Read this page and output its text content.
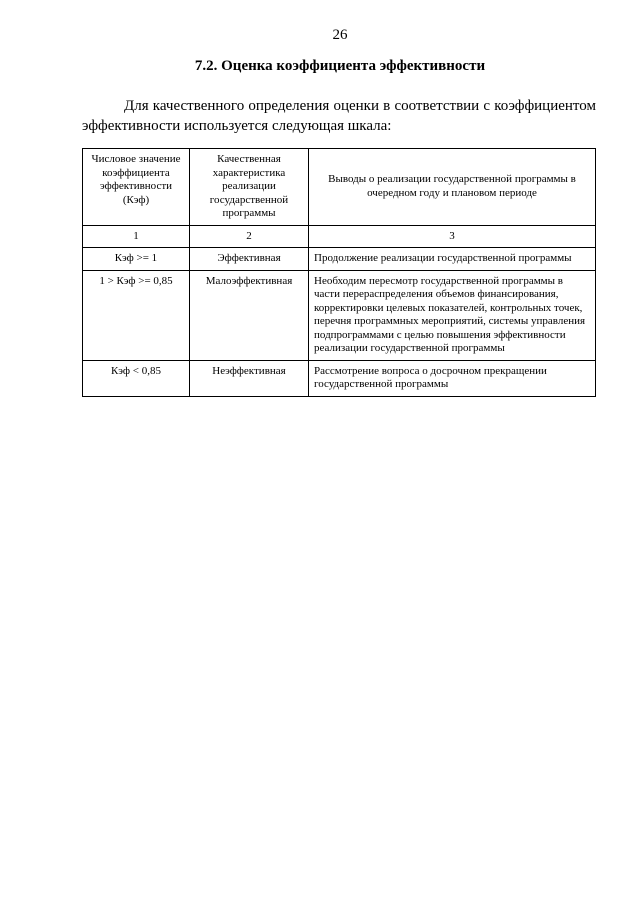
26
7.2. Оценка коэффициента эффективности

Для качественного определения оценки в соответствии с коэффициентом эффективности используется следующая шкала:

Числовое значение коэффициента эффективности (Кэф)	Качественная характеристика реализации государственной программы	Выводы о реализации государственной программы в очередном году и плановом периоде
1	2	3
Кэф >= 1	Эффективная	Продолжение реализации государственной программы
1 > Кэф >= 0,85	Малоэффективная	Необходим пересмотр государственной программы в части перераспределения объемов финансирования, корректировки целевых показателей, контрольных точек, перечня программных мероприятий, системы управления подпрограммами с целью повышения эффективности реализации государственной программы
Кэф < 0,85	Неэффективная	Рассмотрение вопроса о досрочном прекращении государственной программы
